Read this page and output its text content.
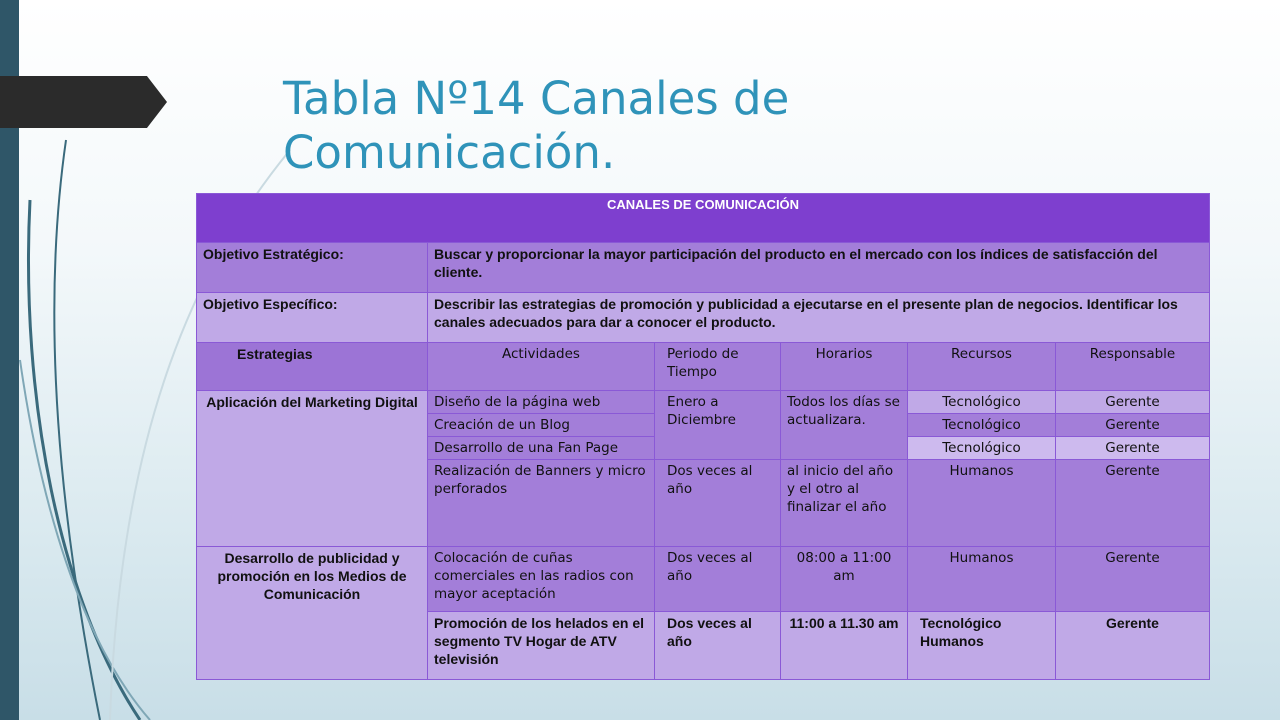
Tabla Nº14 Canales de
Comunicación.
CANALES DE COMUNICACIÓN					
Objetivo Estratégico:	Buscar y proporcionar la mayor participación del producto en el mercado con los índices de satisfacción del cliente.				
Objetivo Específico:	Describir las estrategias de promoción y publicidad a ejecutarse en el presente plan de negocios. Identificar los canales adecuados para dar a conocer el producto.				
Estrategias	Actividades	Periodo de Tiempo	Horarios	Recursos	Responsable
Aplicación del Marketing Digital	Diseño de la página web	Enero a Diciembre	Todos los días se actualizara.	Tecnológico	Gerente
	Creación de un Blog			Tecnológico	Gerente
	Desarrollo de una Fan Page			Tecnológico	Gerente
	Realización de Banners y micro perforados	Dos veces al año	al inicio del año y el otro al finalizar el año	Humanos	Gerente
Desarrollo de publicidad y promoción en los Medios de Comunicación	Colocación de cuñas comerciales en las radios con mayor aceptación	Dos veces al año	08:00 a 11:00 am	Humanos	Gerente
	Promoción de los helados en el segmento TV Hogar de ATV televisión	Dos veces al año	11:00 a 11.30 am	Tecnológico Humanos	Gerente
